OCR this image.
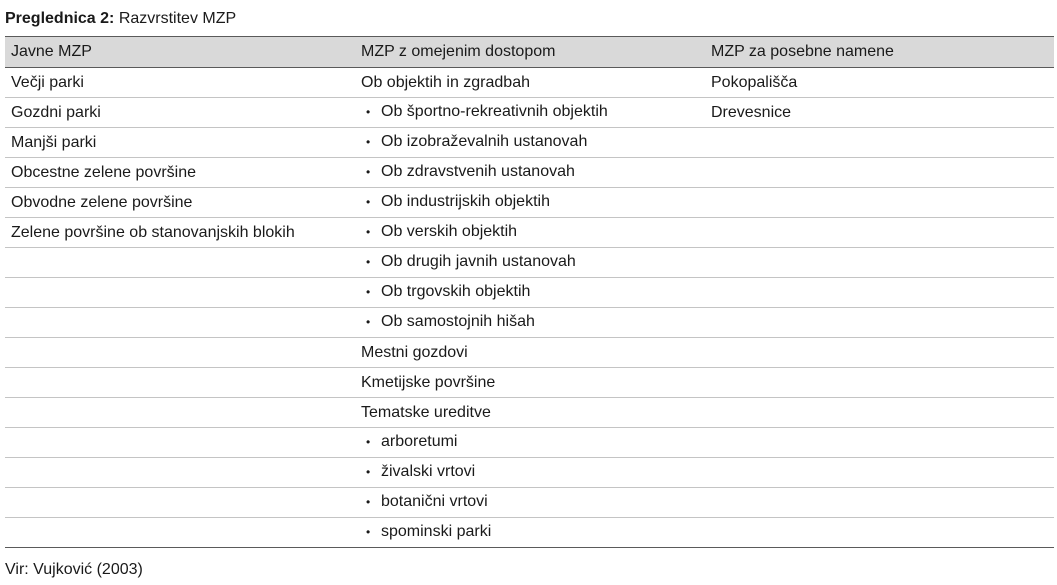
Preglednica 2: Razvrstitev MZP
Javne MZP	MZP z omejenim dostopom	MZP za posebne namene
Večji parki	Ob objektih in zgradbah	Pokopališča
Gozdni parki	• Ob športno-rekreativnih objektih	Drevesnice
Manjši parki	• Ob izobraževalnih ustanovah	
Obcestne zelene površine	• Ob zdravstvenih ustanovah	
Obvodne zelene površine	• Ob industrijskih objektih	
Zelene površine ob stanovanjskih blokih	• Ob verskih objektih	
	• Ob drugih javnih ustanovah	
	• Ob trgovskih objektih	
	• Ob samostojnih hišah	
	Mestni gozdovi	
	Kmetijske površine	
	Tematske ureditve	
	• arboretumi	
	• živalski vrtovi	
	• botanični vrtovi	
	• spominski parki	
Vir: Vujković (2003)
